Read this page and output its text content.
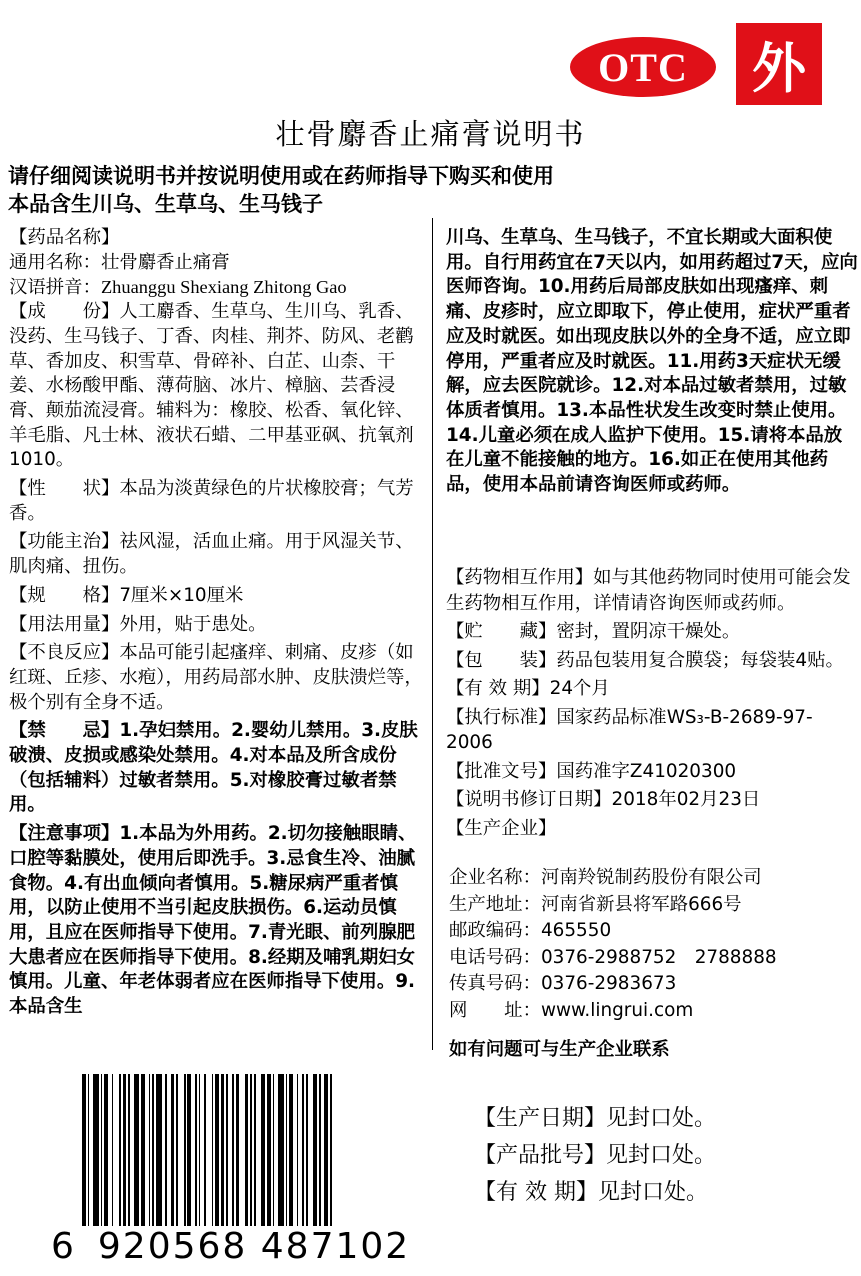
OTC 外
壮骨麝香止痛膏说明书
请仔细阅读说明书并按说明使用或在药师指导下购买和使用
本品含生川乌、生草乌、生马钱子

【药品名称】

通用名称：壮骨麝香止痛膏

汉语拼音：Zhuanggu Shexiang Zhitong Gao

【成　　份】人工麝香、生草乌、生川乌、乳香、没药、生马钱子、丁香、肉桂、荆芥、防风、老鹳草、香加皮、积雪草、骨碎补、白芷、山柰、干姜、水杨酸甲酯、薄荷脑、冰片、樟脑、芸香浸膏、颠茄流浸膏。辅料为：橡胶、松香、氧化锌、羊毛脂、凡士林、液状石蜡、二甲基亚砜、抗氧剂1010。

【性　　状】本品为淡黄绿色的片状橡胶膏；气芳香。

【功能主治】祛风湿，活血止痛。用于风湿关节、肌肉痛、扭伤。

【规　　格】7厘米×10厘米

【用法用量】外用，贴于患处。

【不良反应】本品可能引起瘙痒、刺痛、皮疹（如红斑、丘疹、水疱），用药局部水肿、皮肤溃烂等，极个别有全身不适。

【禁　　忌】1.孕妇禁用。2.婴幼儿禁用。3.皮肤破溃、皮损或感染处禁用。4.对本品及所含成份（包括辅料）过敏者禁用。5.对橡胶膏过敏者禁用。

【注意事项】1.本品为外用药。2.切勿接触眼睛、口腔等黏膜处，使用后即洗手。3.忌食生冷、油腻食物。4.有出血倾向者慎用。5.糖尿病严重者慎用，以防止使用不当引起皮肤损伤。6.运动员慎用，且应在医师指导下使用。7.青光眼、前列腺肥大患者应在医师指导下使用。8.经期及哺乳期妇女慎用。儿童、年老体弱者应在医师指导下使用。9.本品含生

川乌、生草乌、生马钱子，不宜长期或大面积使用。自行用药宜在7天以内，如用药超过7天，应向医师咨询。10.用药后局部皮肤如出现瘙痒、刺痛、皮疹时，应立即取下，停止使用，症状严重者应及时就医。如出现皮肤以外的全身不适，应立即停用，严重者应及时就医。11.用药3天症状无缓解，应去医院就诊。12.对本品过敏者禁用，过敏体质者慎用。13.本品性状发生改变时禁止使用。14.儿童必须在成人监护下使用。15.请将本品放在儿童不能接触的地方。16.如正在使用其他药品，使用本品前请咨询医师或药师。

【药物相互作用】如与其他药物同时使用可能会发生药物相互作用，详情请咨询医师或药师。

【贮　　藏】密封，置阴凉干燥处。

【包　　装】药品包装用复合膜袋；每袋装4贴。

【有 效 期】24个月

【执行标准】国家药品标准WS₃-B-2689-97-2006

【批准文号】国药准字Z41020300

【说明书修订日期】2018年02月23日

【生产企业】

企业名称：河南羚锐制药股份有限公司

生产地址：河南省新县将军路666号

邮政编码：465550

电话号码：0376-2988752　2788888

传真号码：0376-2983673

网　　址：www.lingrui.com

如有问题可与生产企业联系

【生产日期】见封口处。

【产品批号】见封口处。

【有 效 期】见封口处。

6 920568 487102
